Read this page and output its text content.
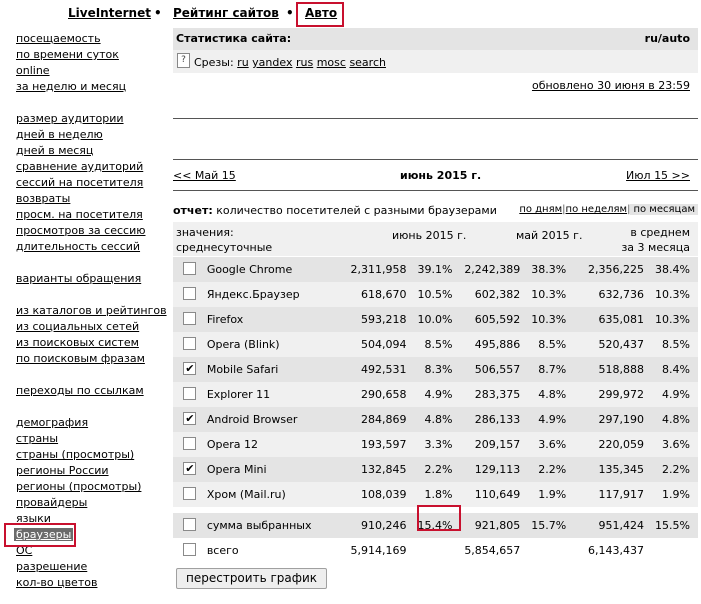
LiveInternet • Рейтинг сайтов • Авто
посещаемость
по времени суток
online
за неделю и месяц
размер аудитории
дней в неделю
дней в месяц
сравнение аудиторий
сессий на посетителя
возвраты
просм. на посетителя
просмотров за сессию
длительность сессий
варианты обращения
из каталогов и рейтингов
из социальных сетей
из поисковых систем
по поисковым фразам
переходы по ссылкам
демография
страны
страны (просмотры)
регионы России
регионы (просмотры)
провайдеры
языки
браузеры
ОС
разрешение
кол-во цветов
Статистика сайта:	ru/auto
? Срезы: ru yandex rus mosc search
обновлено 30 июня в 23:59
<< Май 15	июнь 2015 г.	Июл 15 >>
отчет: количество посетителей с разными браузерами по дням|по неделям| по месяцам
значения:
среднесуточные
июнь 2015 г.	май 2015 г.	в среднем
за 3 месяца
	Google Chrome	2,311,958	39.1%	2,242,389	38.3%	2,356,225	38.4%
	Яндекс.Браузер	618,670	10.5%	602,382	10.3%	632,736	10.3%
	Firefox	593,218	10.0%	605,592	10.3%	635,081	10.3%
	Opera (Blink)	504,094	8.5%	495,886	8.5%	520,437	8.5%
✔	Mobile Safari	492,531	8.3%	506,557	8.7%	518,888	8.4%
	Explorer 11	290,658	4.9%	283,375	4.8%	299,972	4.9%
✔	Android Browser	284,869	4.8%	286,133	4.9%	297,190	4.8%
	Opera 12	193,597	3.3%	209,157	3.6%	220,059	3.6%
✔	Opera Mini	132,845	2.2%	129,113	2.2%	135,345	2.2%
	Хром (Mail.ru)	108,039	1.8%	110,649	1.9%	117,917	1.9%

	сумма выбранных	910,246	15.4%	921,805	15.7%	951,424	15.5%
	всего	5,914,169		5,854,657		6,143,437	
перестроить график
